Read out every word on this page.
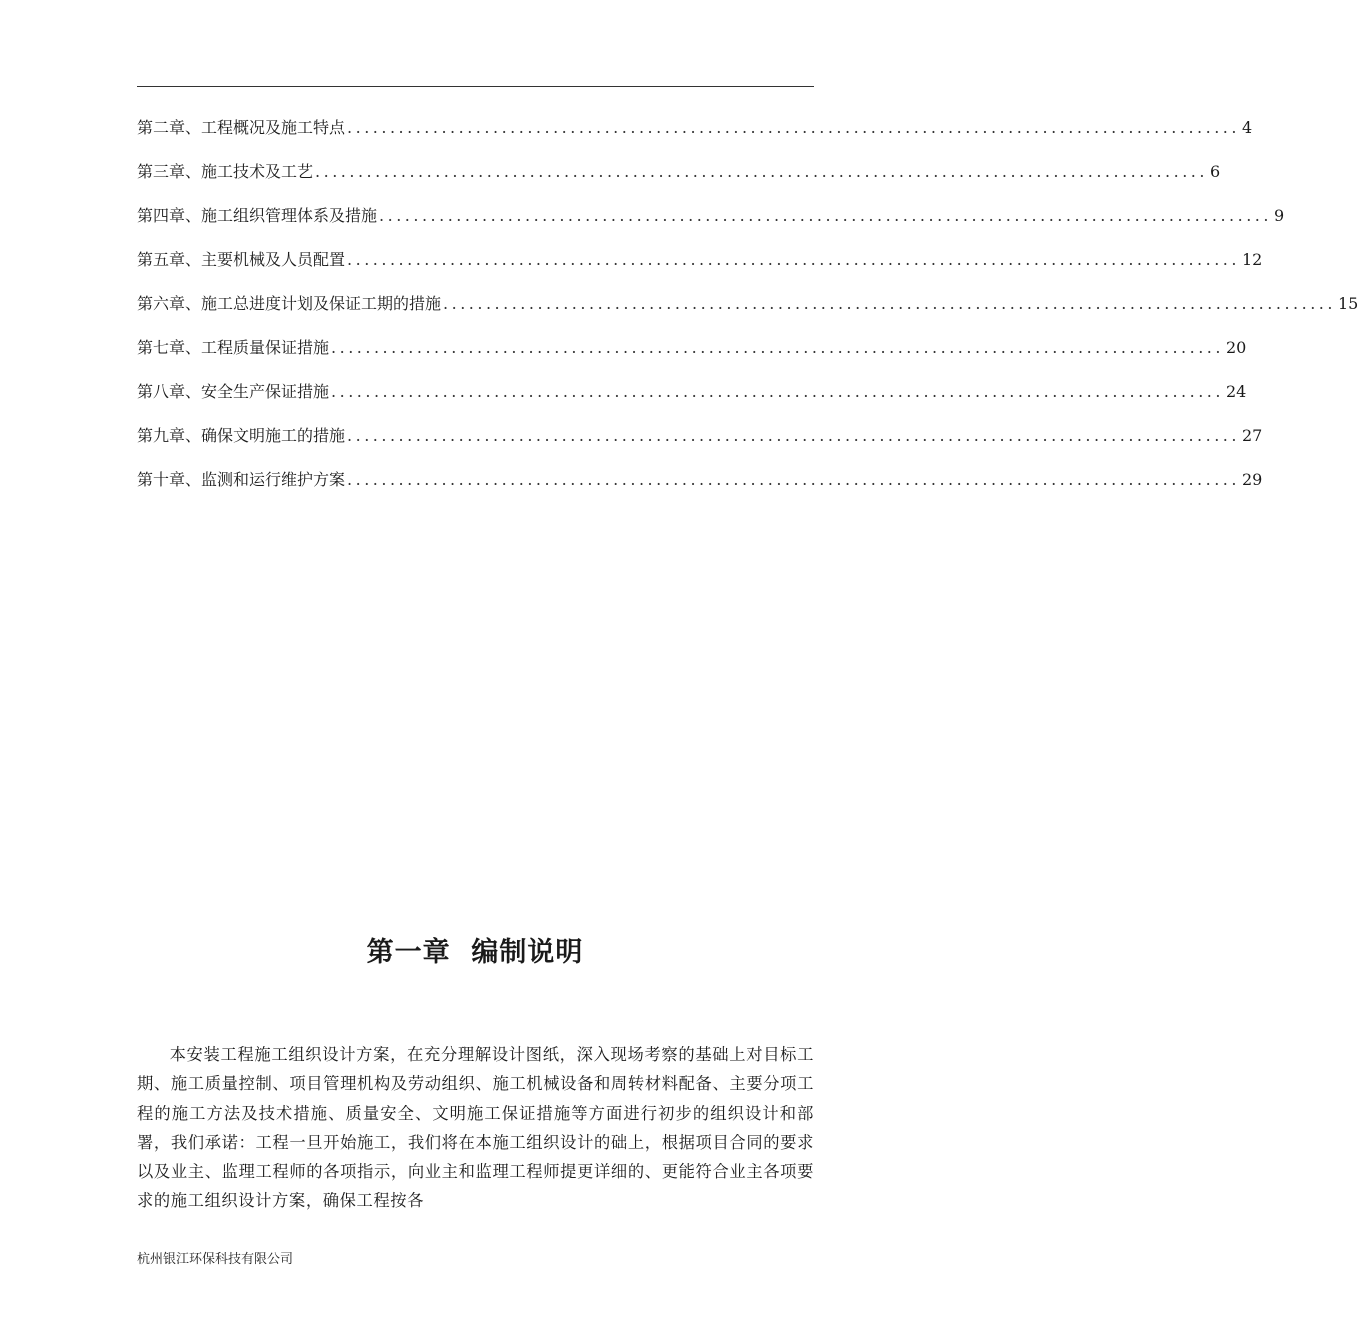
第二章、工程概况及施工特点 ........................................................................................................ 4
第三章、施工技术及工艺 ........................................................................................................ 6
第四章、施工组织管理体系及措施 ........................................................................................................ 9
第五章、主要机械及人员配置 ........................................................................................................ 12
第六章、施工总进度计划及保证工期的措施 ........................................................................................................ 15
第七章、工程质量保证措施 ........................................................................................................ 20
第八章、安全生产保证措施 ........................................................................................................ 24
第九章、确保文明施工的措施 ........................................................................................................ 27
第十章、监测和运行维护方案 ........................................................................................................ 29
第一章  编制说明

本安装工程施工组织设计方案，在充分理解设计图纸，深入现场考察的基础上对目标工期、施工质量控制、项目管理机构及劳动组织、施工机械设备和周转材料配备、主要分项工程的施工方法及技术措施、质量安全、文明施工保证措施等方面进行初步的组织设计和部署，我们承诺：工程一旦开始施工，我们将在本施工组织设计的础上，根据项目合同的要求以及业主、监理工程师的各项指示，向业主和监理工程师提更详细的、更能符合业主各项要求的施工组织设计方案，确保工程按各

杭州银江环保科技有限公司
